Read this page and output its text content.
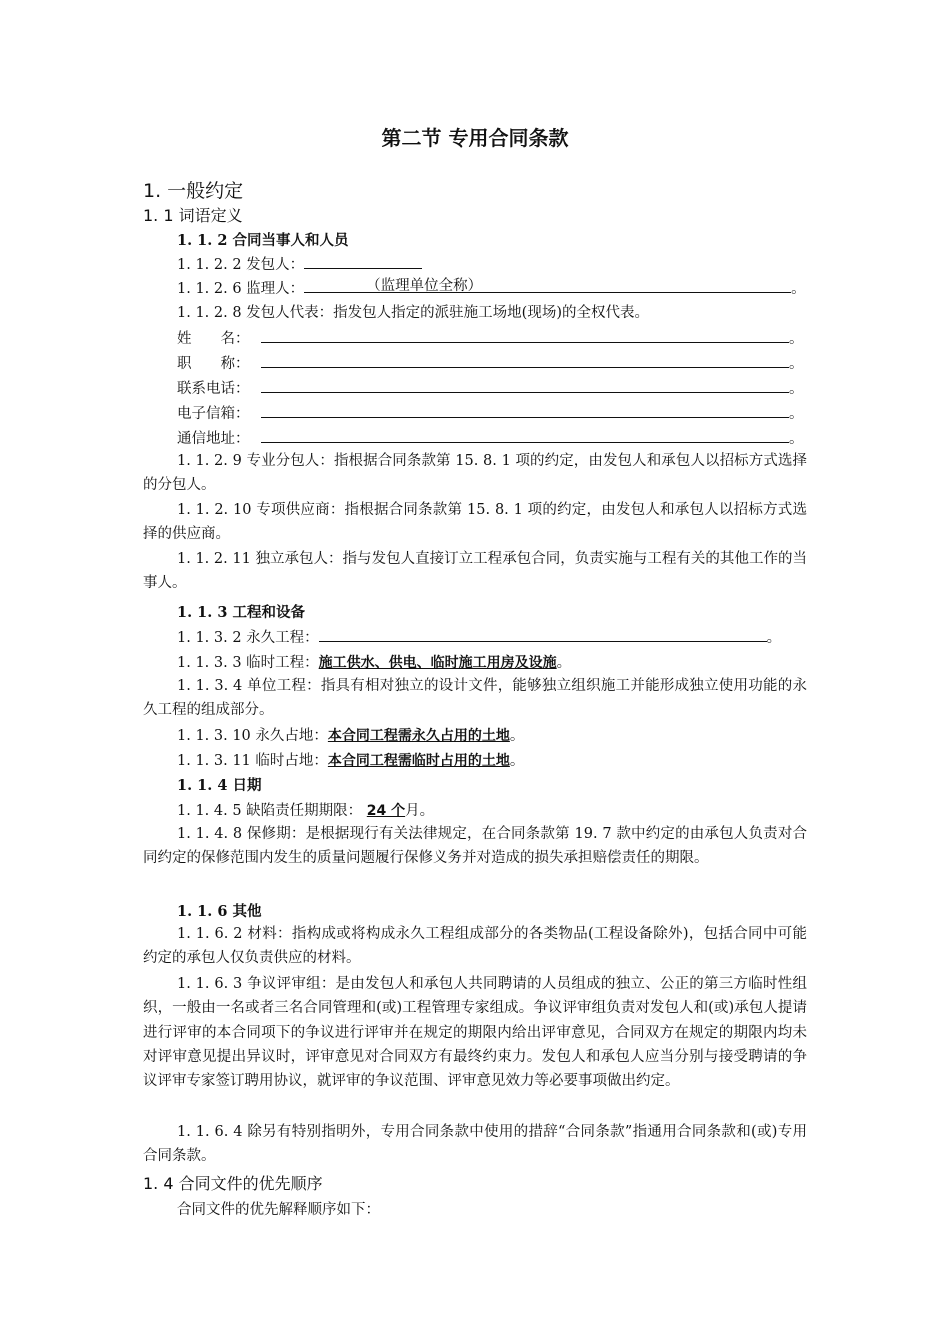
第二节 专用合同条款
1. 一般约定
1. 1 词语定义
1. 1. 2 合同当事人和人员
1. 1. 2. 2 发包人：
1. 1. 2. 6 监理人：	（监理单位全称）	。
1. 1. 2. 8 发包人代表：指发包人指定的派驻施工场地(现场)的全权代表。
姓　　名：	。
职　　称：	。
联系电话：	。
电子信箱：	。
通信地址：	。
1. 1. 2. 9 专业分包人：指根据合同条款第 15. 8. 1 项的约定，由发包人和承包人以招标方式选择的分包人。
1. 1. 2. 10 专项供应商：指根据合同条款第 15. 8. 1 项的约定，由发包人和承包人以招标方式选择的供应商。
1. 1. 2. 11 独立承包人：指与发包人直接订立工程承包合同，负责实施与工程有关的其他工作的当事人。
1. 1. 3 工程和设备
1. 1. 3. 2 永久工程：	。
1. 1. 3. 3 临时工程：施工供水、供电、临时施工用房及设施。
1. 1. 3. 4 单位工程：指具有相对独立的设计文件，能够独立组织施工并能形成独立使用功能的永久工程的组成部分。
1. 1. 3. 10 永久占地：本合同工程需永久占用的土地。
1. 1. 3. 11 临时占地：本合同工程需临时占用的土地。
1. 1. 4 日期
1. 1. 4. 5 缺陷责任期期限： 24 个月。
1. 1. 4. 8 保修期：是根据现行有关法律规定，在合同条款第 19. 7 款中约定的由承包人负责对合同约定的保修范围内发生的质量问题履行保修义务并对造成的损失承担赔偿责任的期限。
1. 1. 6 其他
1. 1. 6. 2 材料：指构成或将构成永久工程组成部分的各类物品(工程设备除外)，包括合同中可能约定的承包人仅负责供应的材料。
1. 1. 6. 3 争议评审组：是由发包人和承包人共同聘请的人员组成的独立、公正的第三方临时性组织，一般由一名或者三名合同管理和(或)工程管理专家组成。争议评审组负责对发包人和(或)承包人提请进行评审的本合同项下的争议进行评审并在规定的期限内给出评审意见，合同双方在规定的期限内均未对评审意见提出异议时，评审意见对合同双方有最终约束力。发包人和承包人应当分别与接受聘请的争议评审专家签订聘用协议，就评审的争议范围、评审意见效力等必要事项做出约定。
1. 1. 6. 4 除另有特别指明外，专用合同条款中使用的措辞“合同条款”指通用合同条款和(或)专用合同条款。
1. 4 合同文件的优先顺序
合同文件的优先解释顺序如下：
